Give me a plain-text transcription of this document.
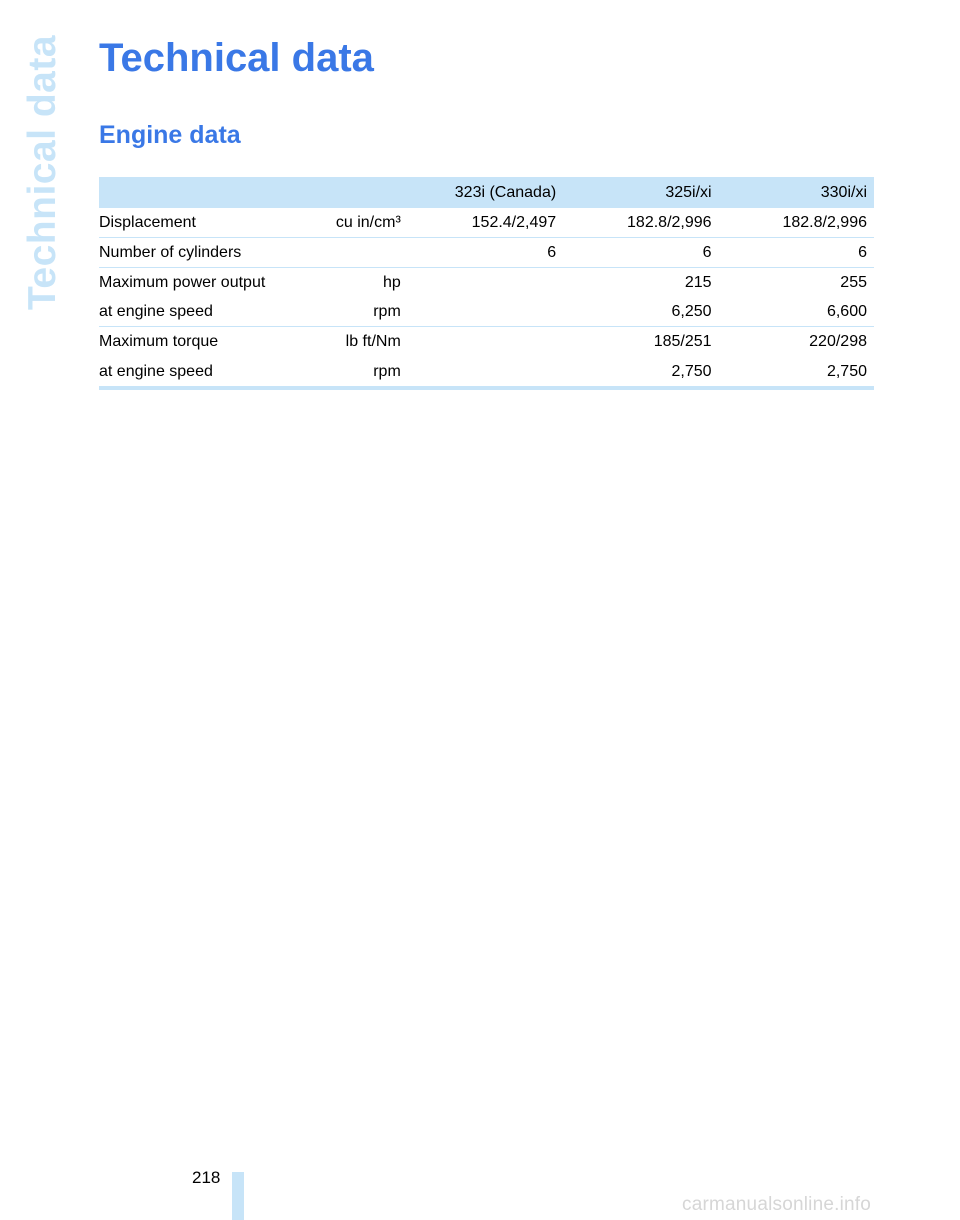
Technical data Technical data
Engine data
		323i (Canada)	325i/xi	330i/xi
Displacement	cu in/cm³	152.4/2,497	182.8/2,996	182.8/2,996
Number of cylinders		6	6	6
Maximum power output	hp		215	255
at engine speed	rpm		6,250	6,600
Maximum torque	lb ft/Nm		185/251	220/298
at engine speed	rpm		2,750	2,750
218
carmanualsonline.info
